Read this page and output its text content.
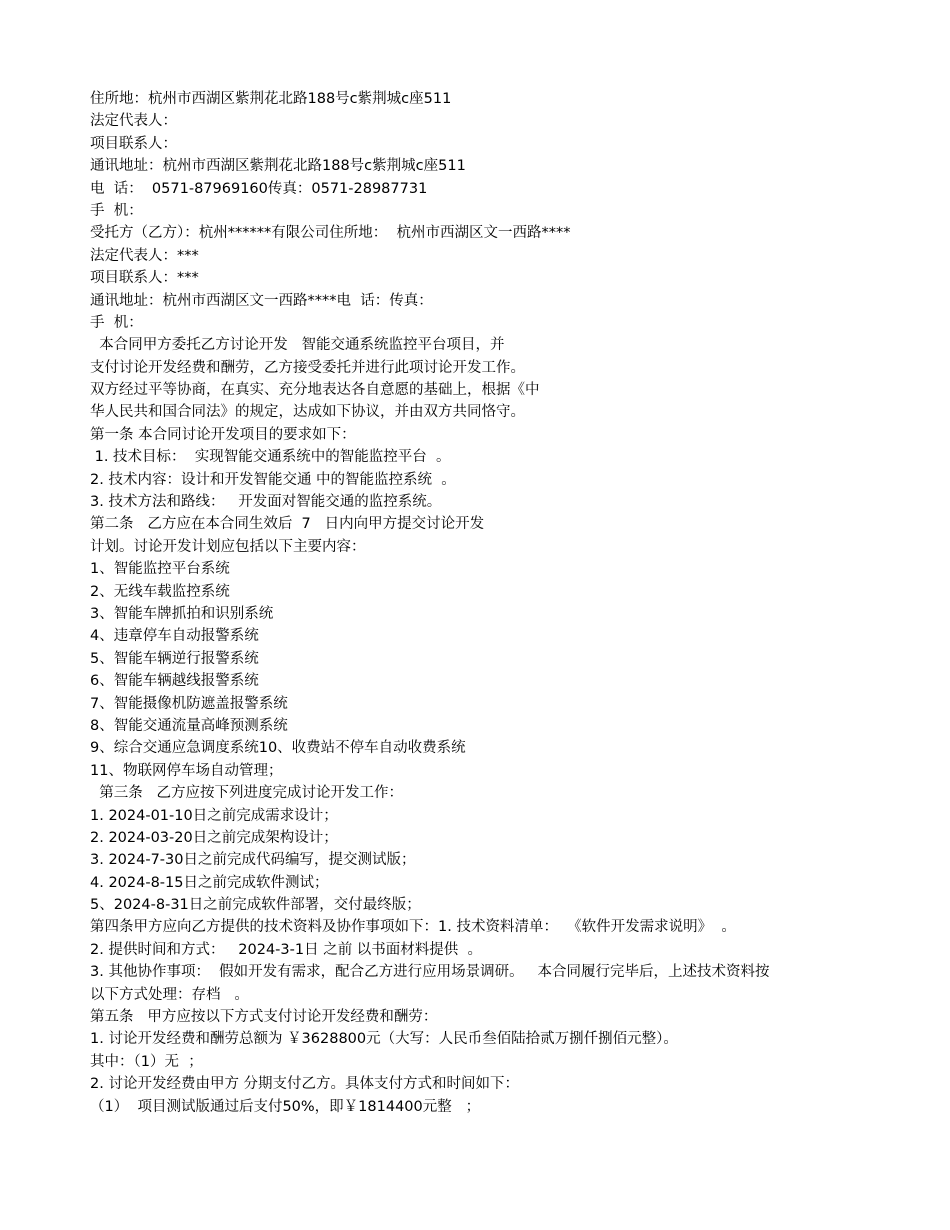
住所地：杭州市西湖区紫荆花北路188号c紫荆城c座511
法定代表人：
项目联系人：
通讯地址：杭州市西湖区紫荆花北路188号c紫荆城c座511
电  话：  0571-87969160传真：0571-28987731
手  机：
受托方（乙方）：杭州******有限公司住所地：  杭州市西湖区文一西路****
法定代表人：***
项目联系人：***
通讯地址：杭州市西湖区文一西路****电  话：传真：
手  机：
本合同甲方委托乙方讨论开发   智能交通系统监控平台项目，并
支付讨论开发经费和酬劳，乙方接受委托并进行此项讨论开发工作。
双方经过平等协商，在真实、充分地表达各自意愿的基础上，根据《中
华人民共和国合同法》的规定，达成如下协议，并由双方共同恪守。
第一条 本合同讨论开发项目的要求如下：
1. 技术目标：  实现智能交通系统中的智能监控平台  。
2. 技术内容：设计和开发智能交通 中的智能监控系统  。
3. 技术方法和路线：   开发面对智能交通的监控系统。
第二条   乙方应在本合同生效后  7   日内向甲方提交讨论开发
计划。讨论开发计划应包括以下主要内容：
1、智能监控平台系统
2、无线车载监控系统
3、智能车牌抓拍和识别系统
4、违章停车自动报警系统
5、智能车辆逆行报警系统
6、智能车辆越线报警系统
7、智能摄像机防遮盖报警系统
8、智能交通流量高峰预测系统
9、综合交通应急调度系统10、收费站不停车自动收费系统
11、物联网停车场自动管理；
第三条   乙方应按下列进度完成讨论开发工作：
1. 2024-01-10日之前完成需求设计；
2. 2024-03-20日之前完成架构设计；
3. 2024-7-30日之前完成代码编写，提交测试版；
4. 2024-8-15日之前完成软件测试；
5、2024-8-31日之前完成软件部署，交付最终版；
第四条甲方应向乙方提供的技术资料及协作事项如下：1. 技术资料清单：  《软件开发需求说明》  。
2. 提供时间和方式：   2024-3-1日 之前 以书面材料提供  。
3. 其他协作事项：  假如开发有需求，配合乙方进行应用场景调研。   本合同履行完毕后，上述技术资料按
以下方式处理：存档   。
第五条   甲方应按以下方式支付讨论开发经费和酬劳：
1. 讨论开发经费和酬劳总额为 ￥3628800元（大写：人民币叁佰陆拾贰万捌仟捌佰元整）。
其中：（1）无  ；
2. 讨论开发经费由甲方 分期支付乙方。具体支付方式和时间如下：
（1）  项目测试版通过后支付50%，即￥1814400元整   ；
